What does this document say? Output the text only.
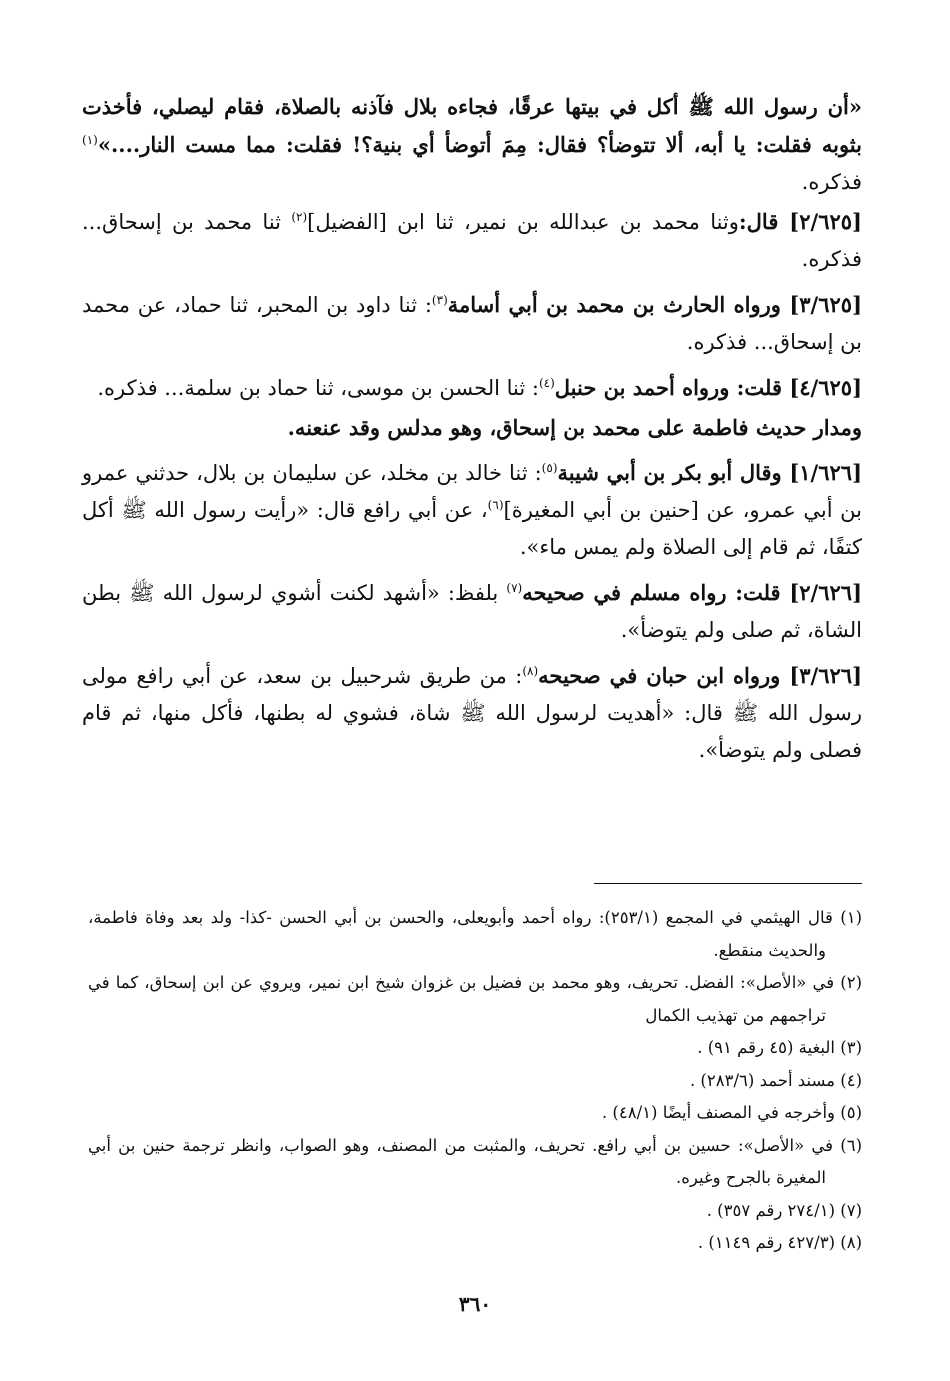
«أن رسول الله ﷺ أكل في بيتها عرقًا، فجاءه بلال فآذنه بالصلاة، فقام ليصلي، فأخذت بثوبه فقلت: يا أبه، ألا تتوضأ؟ فقال: مِمَ أتوضأ أي بنية؟! فقلت: مما مست النار....»$^{(١)}$ فذكره.

[٢/٦٢٥] قال:وثنا محمد بن عبدالله بن نمير، ثنا ابن [الفضيل]$^{(٢)}$ ثنا محمد بن إسحاق... فذكره.

[٣/٦٢٥] ورواه الحارث بن محمد بن أبي أسامة$^{(٣)}$: ثنا داود بن المحبر، ثنا حماد، عن محمد بن إسحاق... فذكره.

[٤/٦٢٥] قلت: ورواه أحمد بن حنبل$^{(٤)}$: ثنا الحسن بن موسى، ثنا حماد بن سلمة... فذكره.

ومدار حديث فاطمة على محمد بن إسحاق، وهو مدلس وقد عنعنه.

[١/٦٢٦] وقال أبو بكر بن أبي شيبة$^{(٥)}$: ثنا خالد بن مخلد، عن سليمان بن بلال، حدثني عمرو بن أبي عمرو، عن [حنين بن أبي المغيرة]$^{(٦)}$، عن أبي رافع قال: «رأيت رسول الله ﷺ أكل كتفًا، ثم قام إلى الصلاة ولم يمس ماء».

[٢/٦٢٦] قلت: رواه مسلم في صحيحه$^{(٧)}$ بلفظ: «أشهد لكنت أشوي لرسول الله ﷺ بطن الشاة، ثم صلى ولم يتوضأ».

[٣/٦٢٦] ورواه ابن حبان في صحيحه$^{(٨)}$: من طريق شرحبيل بن سعد، عن أبي رافع مولى رسول الله ﷺ قال: «أهديت لرسول الله ﷺ شاة، فشوي له بطنها، فأكل منها، ثم قام فصلى ولم يتوضأ».

(١) قال الهيثمي في المجمع (٢٥٣/١): رواه أحمد وأبويعلى، والحسن بن أبي الحسن -كذا- ولد بعد وفاة فاطمة، والحديث منقطع.

(٢) في «الأصل»: الفضل. تحريف، وهو محمد بن فضيل بن غزوان شيخ ابن نمير، ويروي عن ابن إسحاق، كما في تراجمهم من تهذيب الكمال

(٣) البغية (٤٥ رقم ٩١) .

(٤) مسند أحمد (٢٨٣/٦) .

(٥) وأخرجه في المصنف أيضًا (٤٨/١) .

(٦) في «الأصل»: حسين بن أبي رافع. تحريف، والمثبت من المصنف، وهو الصواب، وانظر ترجمة حنين بن أبي المغيرة بالجرح وغيره.

(٧) (٢٧٤/١ رقم ٣٥٧) .

(٨) (٤٢٧/٣ رقم ١١٤٩) .

٣٦٠
